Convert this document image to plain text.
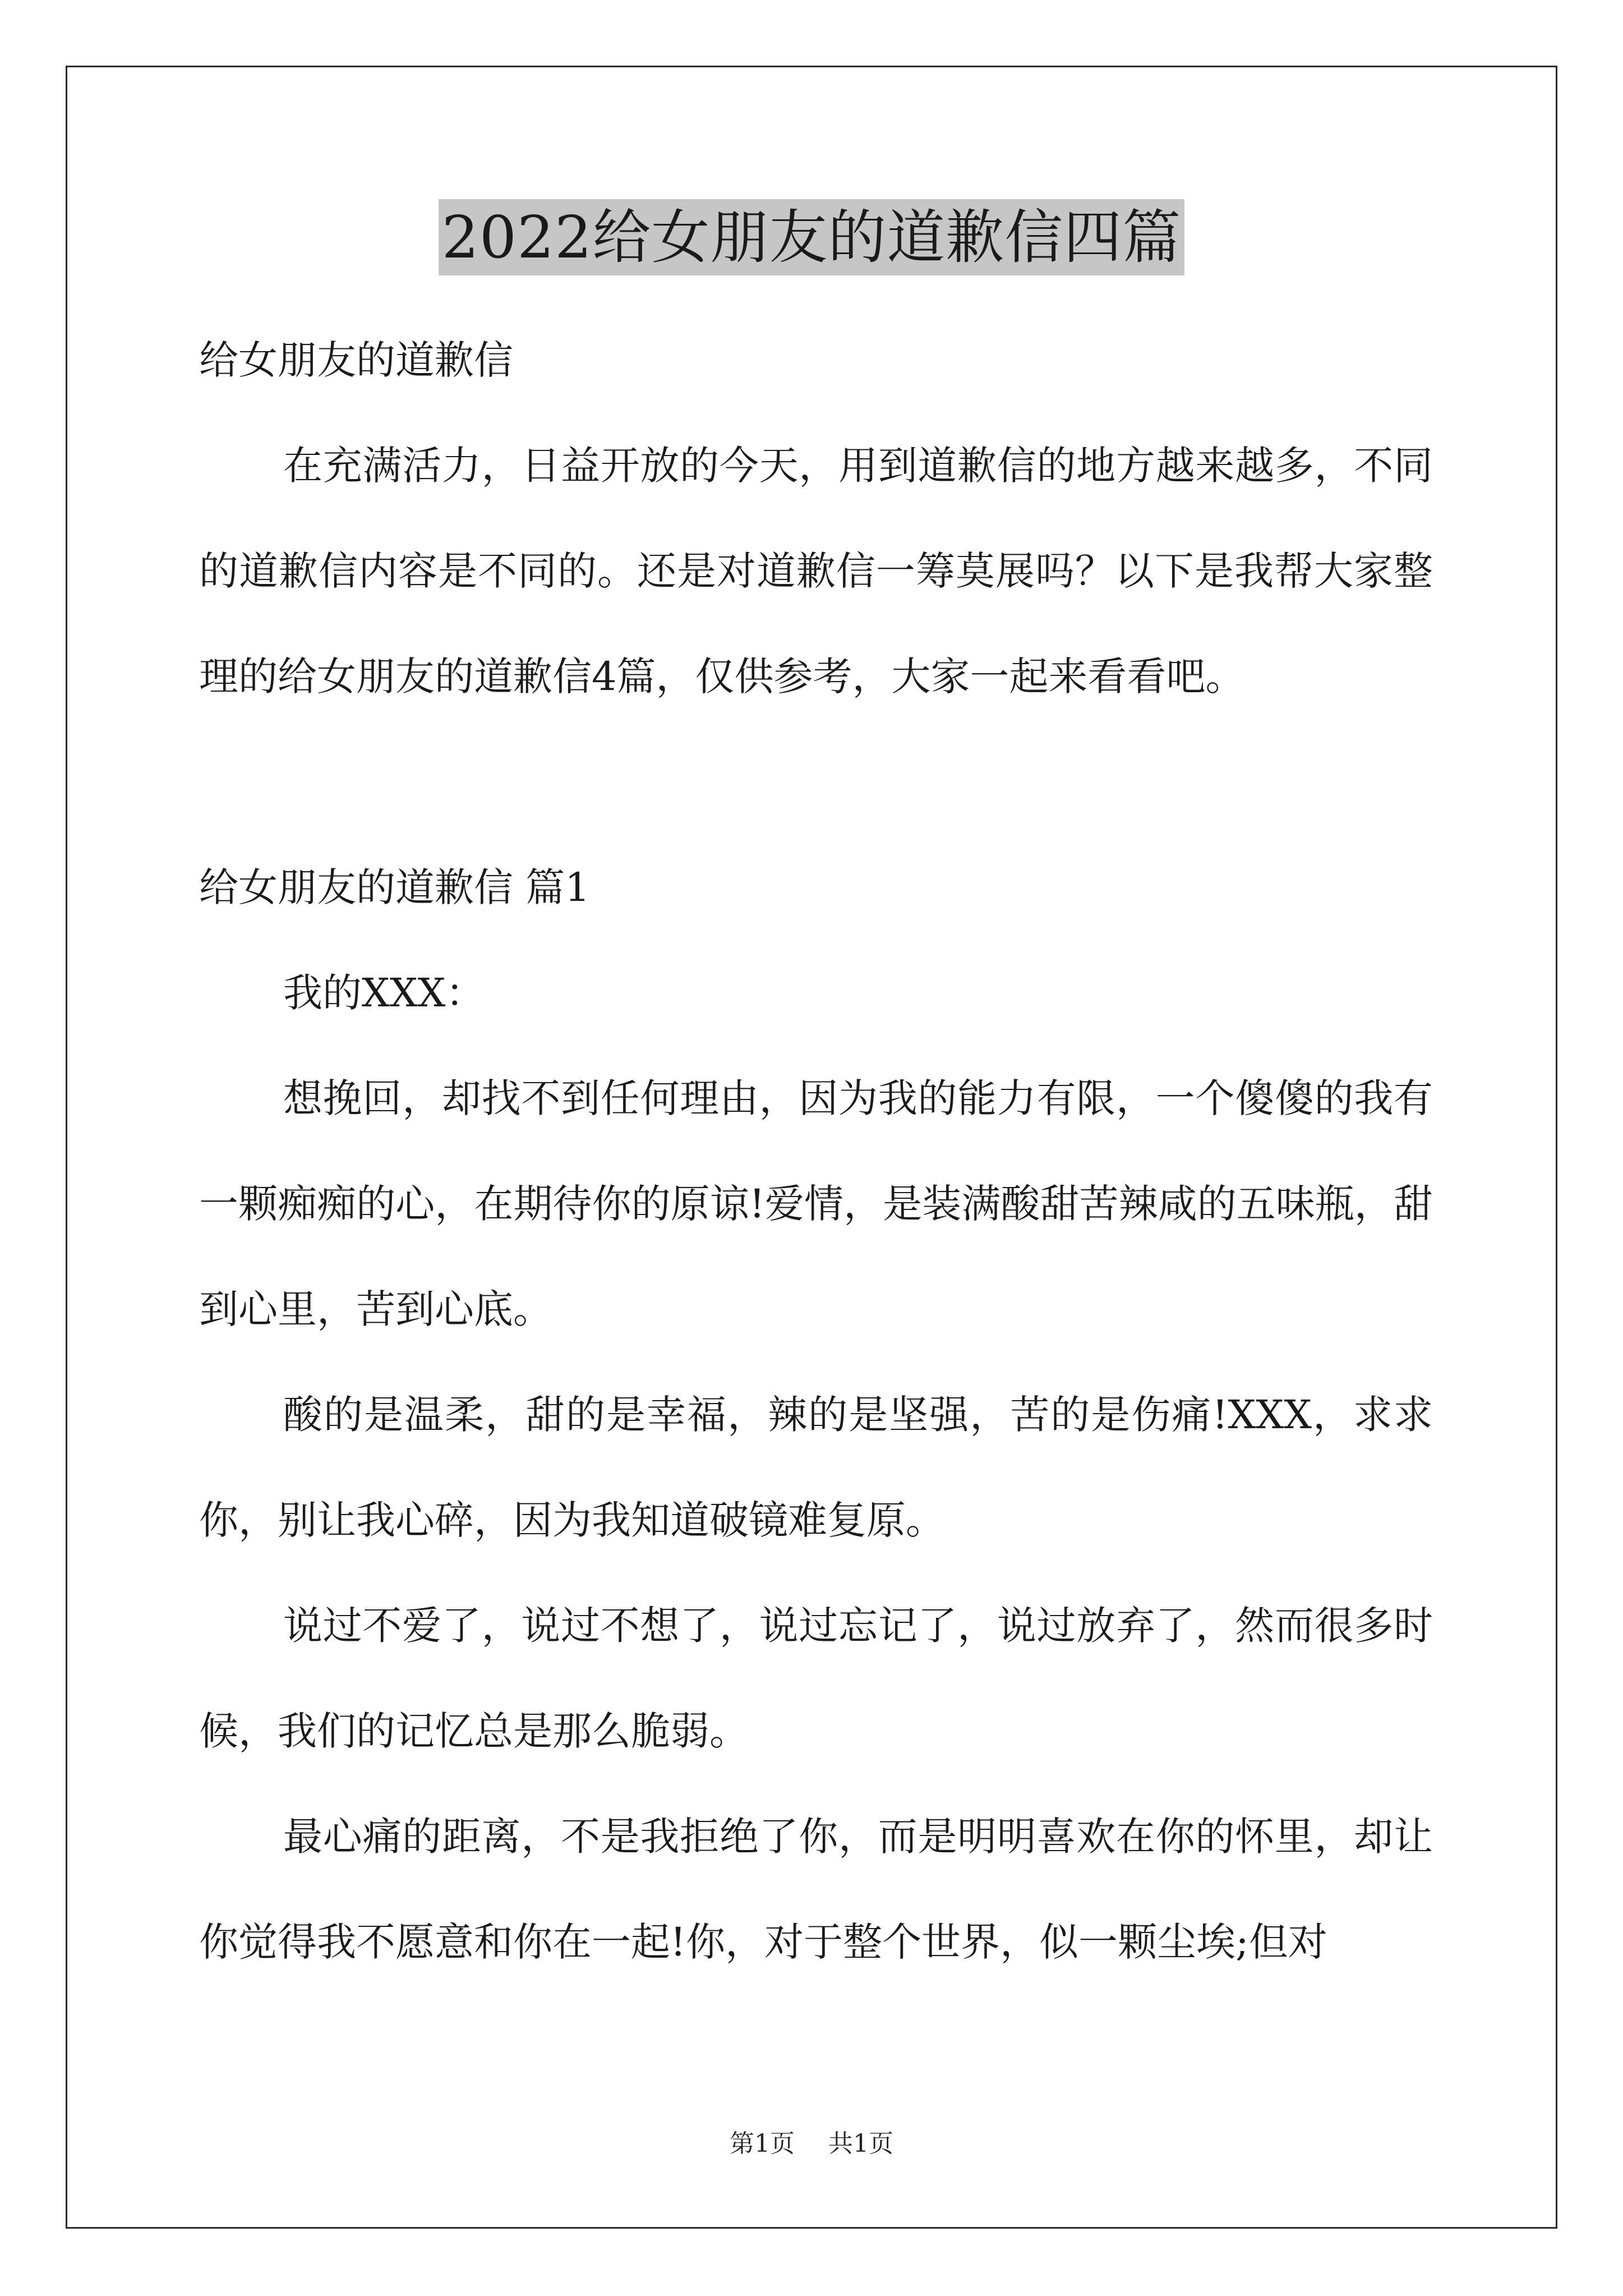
2022给女朋友的道歉信四篇

给女朋友的道歉信

在充满活力，日益开放的今天，用到道歉信的地方越来越多，不同的道歉信内容是不同的。还是对道歉信一筹莫展吗？以下是我帮大家整理的给女朋友的道歉信4篇，仅供参考，大家一起来看看吧。

给女朋友的道歉信 篇1

我的XXX：

想挽回，却找不到任何理由，因为我的能力有限，一个傻傻的我有一颗痴痴的心，在期待你的原谅!爱情，是装满酸甜苦辣咸的五味瓶，甜到心里，苦到心底。

酸的是温柔，甜的是幸福，辣的是坚强，苦的是伤痛!XXX，求求你，别让我心碎，因为我知道破镜难复原。

说过不爱了，说过不想了，说过忘记了，说过放弃了，然而很多时候，我们的记忆总是那么脆弱。

最心痛的距离，不是我拒绝了你，而是明明喜欢在你的怀里，却让你觉得我不愿意和你在一起!你，对于整个世界，似一颗尘埃;但对

第1页 共1页
